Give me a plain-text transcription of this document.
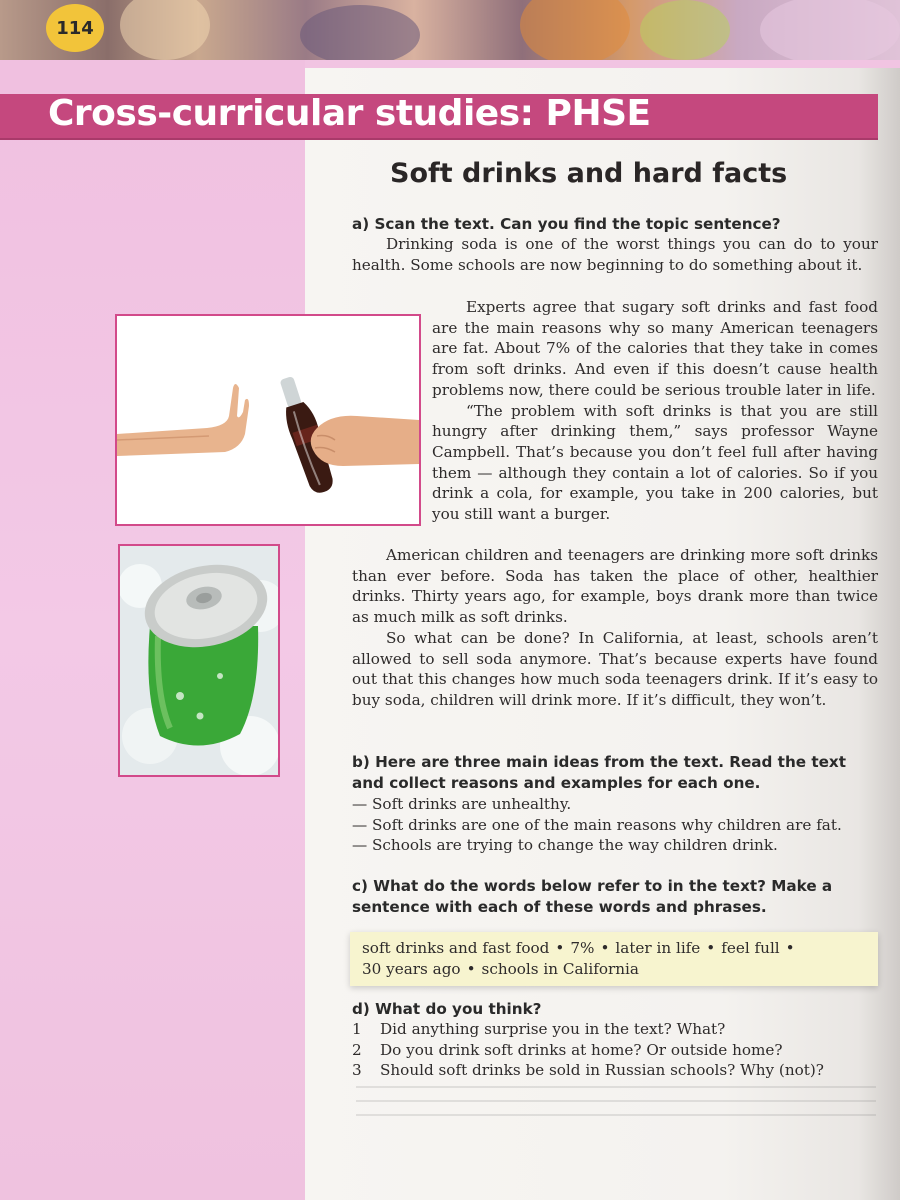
114
Cross-curricular studies: PHSE
Soft drinks and hard facts

a) Scan the text. Can you find the topic sentence?

Drinking soda is one of the worst things you can do to your health. Some schools are now beginning to do something about it.

Experts agree that sugary soft drinks and fast food are the main reasons why so many American teenagers are fat. About 7% of the calories that they take in comes from soft drinks. And even if this doesn’t cause health problems now, there could be serious trouble later in life.

“The problem with soft drinks is that you are still hungry after drinking them,” says professor Wayne Campbell. That’s because you don’t feel full after having them — although they contain a lot of calories. So if you drink a cola, for example, you take in 200 calories, but you still want a burger.

American children and teenagers are drinking more soft drinks than ever before. Soda has taken the place of other, healthier drinks. Thirty years ago, for example, boys drank more than twice as much milk as soft drinks.

So what can be done? In California, at least, schools aren’t allowed to sell soda anymore. That’s because experts have found out that this changes how much soda teenagers drink. If it’s easy to buy soda, children will drink more. If it’s difficult, they won’t.

b) Here are three main ideas from the text. Read the text and collect reasons and examples for each one.

— Soft drinks are unhealthy.
— Soft drinks are one of the main reasons why children are fat.
— Schools are trying to change the way children drink.

c) What do the words below refer to in the text? Make a sentence with each of these words and phrases.

soft drinks and fast food • 7% • later in life • feel full •
30 years ago • schools in California

d) What do you think?

1 Did anything surprise you in the text? What?
2 Do you drink soft drinks at home? Or outside home?
3 Should soft drinks be sold in Russian schools? Why (not)?
